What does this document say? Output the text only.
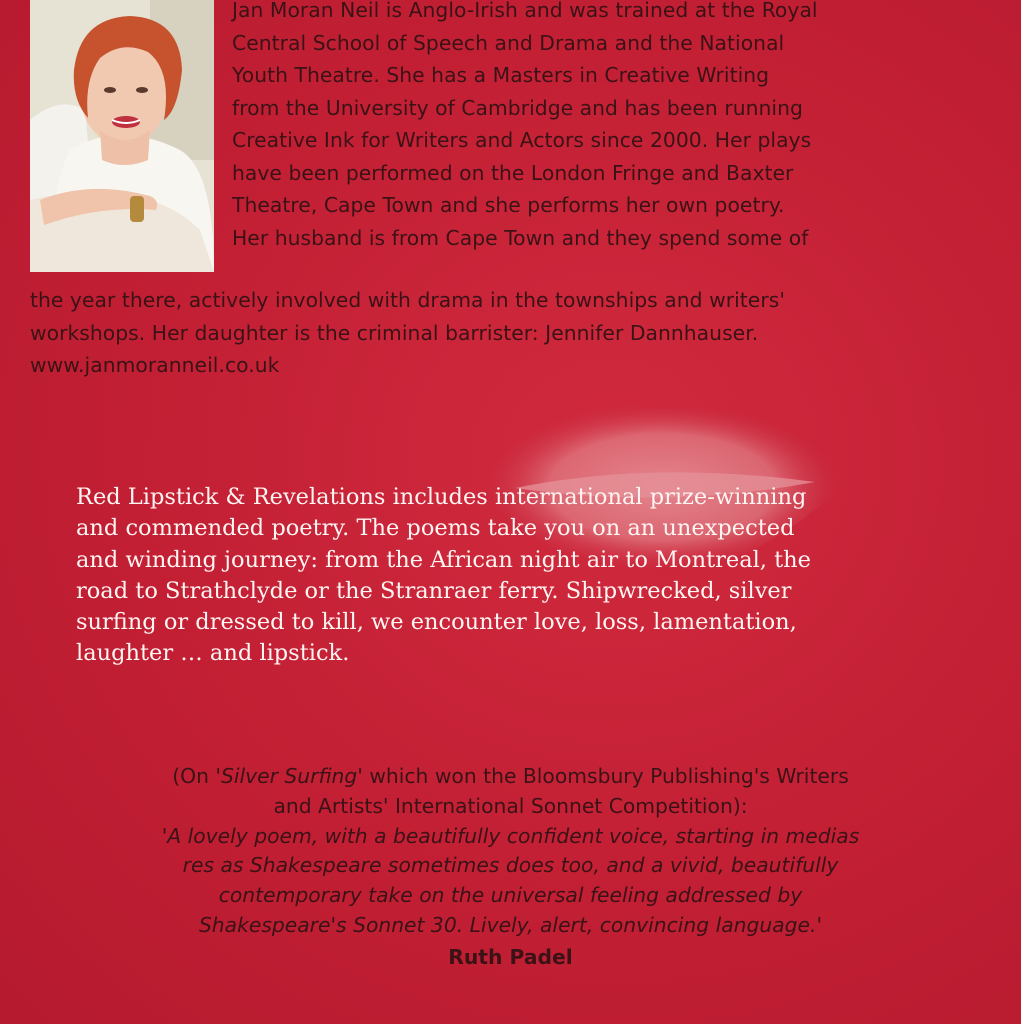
Jan Moran Neil is Anglo-Irish and was trained at the Royal
Central School of Speech and Drama and the National
Youth Theatre. She has a Masters in Creative Writing
from the University of Cambridge and has been running
Creative Ink for Writers and Actors since 2000. Her plays
have been performed on the London Fringe and Baxter
Theatre, Cape Town and she performs her own poetry.
Her husband is from Cape Town and they spend some of

the year there, actively involved with drama in the townships and writers'
workshops. Her daughter is the criminal barrister: Jennifer Dannhauser.
www.janmoranneil.co.uk

Red Lipstick & Revelations includes international prize-winning
and commended poetry. The poems take you on an unexpected
and winding journey: from the African night air to Montreal, the
road to Strathclyde or the Stranraer ferry. Shipwrecked, silver
surfing or dressed to kill, we encounter love, loss, lamentation,
laughter … and lipstick.

(On 'Silver Surfing' which won the Bloomsbury Publishing's Writers
and Artists' International Sonnet Competition):
'A lovely poem, with a beautifully confident voice, starting in medias
res as Shakespeare sometimes does too, and a vivid, beautifully
contemporary take on the universal feeling addressed by
Shakespeare's Sonnet 30. Lively, alert, convincing language.'
Ruth Padel
